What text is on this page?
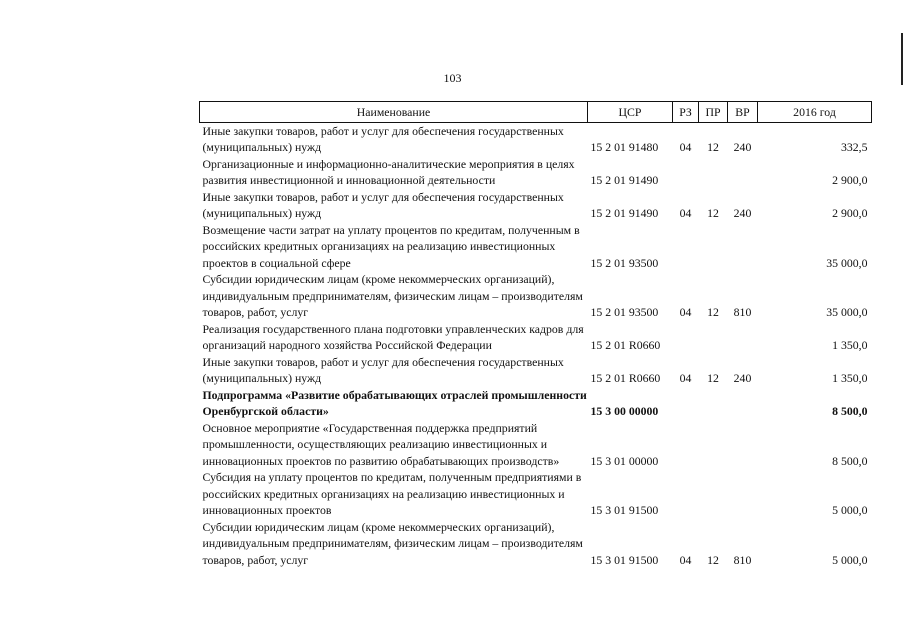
103
Наименование	ЦСР	РЗ	ПР	ВР	2016 год
Иные закупки товаров, работ и услуг для обеспечения государственных (муниципальных) нужд	15 2 01 91480	04	12	240	332,5
Организационные и информационно-аналитические мероприятия в целях развития инвестиционной и инновационной деятельности	15 2 01 91490				2 900,0
Иные закупки товаров, работ и услуг для обеспечения государственных (муниципальных) нужд	15 2 01 91490	04	12	240	2 900,0
Возмещение части затрат на уплату процентов по кредитам, полученным в российских кредитных организациях на реализацию инвестиционных проектов в социальной сфере	15 2 01 93500				35 000,0
Субсидии юридическим лицам (кроме некоммерческих организаций), индивидуальным предпринимателям, физическим лицам – производителям товаров, работ, услуг	15 2 01 93500	04	12	810	35 000,0
Реализация государственного плана подготовки управленческих кадров для организаций народного хозяйства Российской Федерации	15 2 01 R0660				1 350,0
Иные закупки товаров, работ и услуг для обеспечения государственных (муниципальных) нужд	15 2 01 R0660	04	12	240	1 350,0
Подпрограмма «Развитие обрабатывающих отраслей промышленности Оренбургской области»	15 3 00 00000				8 500,0
Основное мероприятие «Государственная поддержка предприятий промышленности, осуществляющих реализацию инвестиционных и инновационных проектов по развитию обрабатывающих производств»	15 3 01 00000				8 500,0
Субсидия на уплату процентов по кредитам, полученным предприятиями в российских кредитных организациях на реализацию инвестиционных и инновационных проектов	15 3 01 91500				5 000,0
Субсидии юридическим лицам (кроме некоммерческих организаций), индивидуальным предпринимателям, физическим лицам – производителям товаров, работ, услуг	15 3 01 91500	04	12	810	5 000,0
